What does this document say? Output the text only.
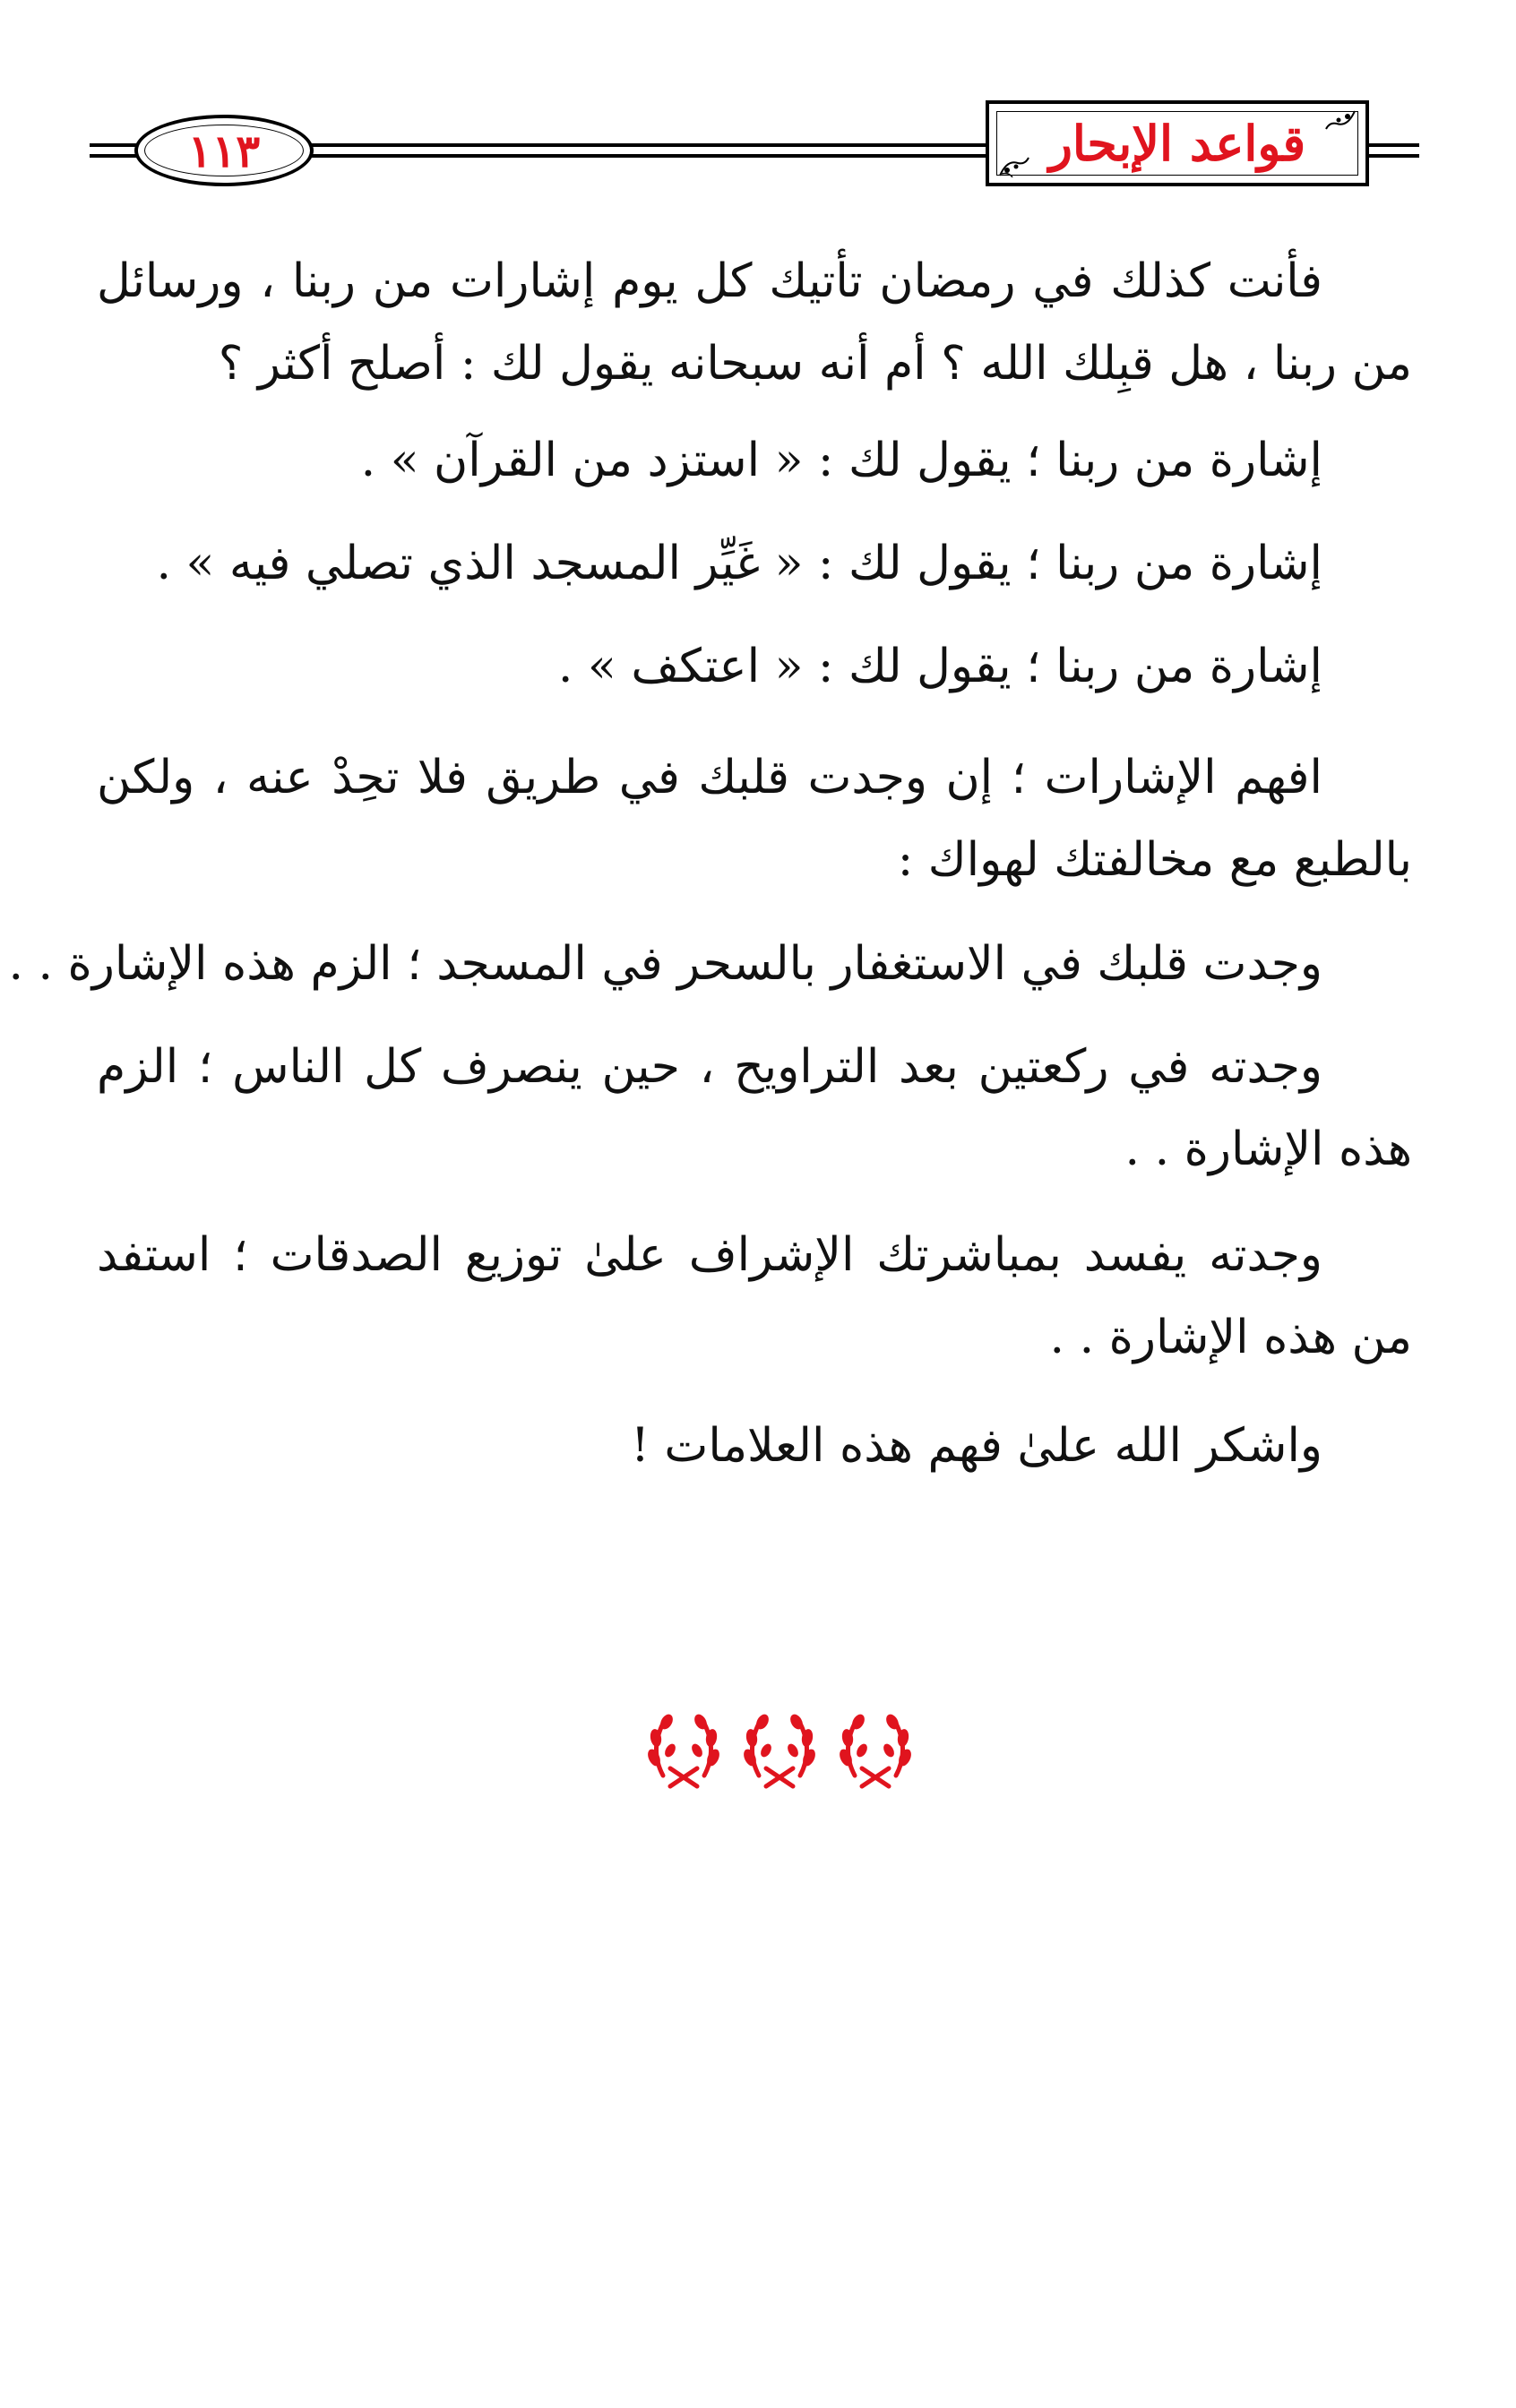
قواعد الإبحار
١١٣

فأنت كذلك في رمضان تأتيك كل يوم إشارات من ربنا ، ورسائل من ربنا ، هل قبِلك الله ؟ أم أنه سبحانه يقول لك : أصلح أكثر ؟

إشارة من ربنا ؛ يقول لك : « استزد من القرآن » .

إشارة من ربنا ؛ يقول لك : « غَيِّر المسجد الذي تصلي فيه » .

إشارة من ربنا ؛ يقول لك : « اعتكف » .

افهم الإشارات ؛ إن وجدت قلبك في طريق فلا تحِدْ عنه ، ولكن بالطبع مع مخالفتك لهواك :

وجدت قلبك في الاستغفار بالسحر في المسجد ؛ الزم هذه الإشارة . .

وجدته في ركعتين بعد التراويح ، حين ينصرف كل الناس ؛ الزم هذه الإشارة . .

وجدته يفسد بمباشرتك الإشراف علىٰ توزيع الصدقات ؛ استفد من هذه الإشارة . .

واشكر الله علىٰ فهم هذه العلامات !
